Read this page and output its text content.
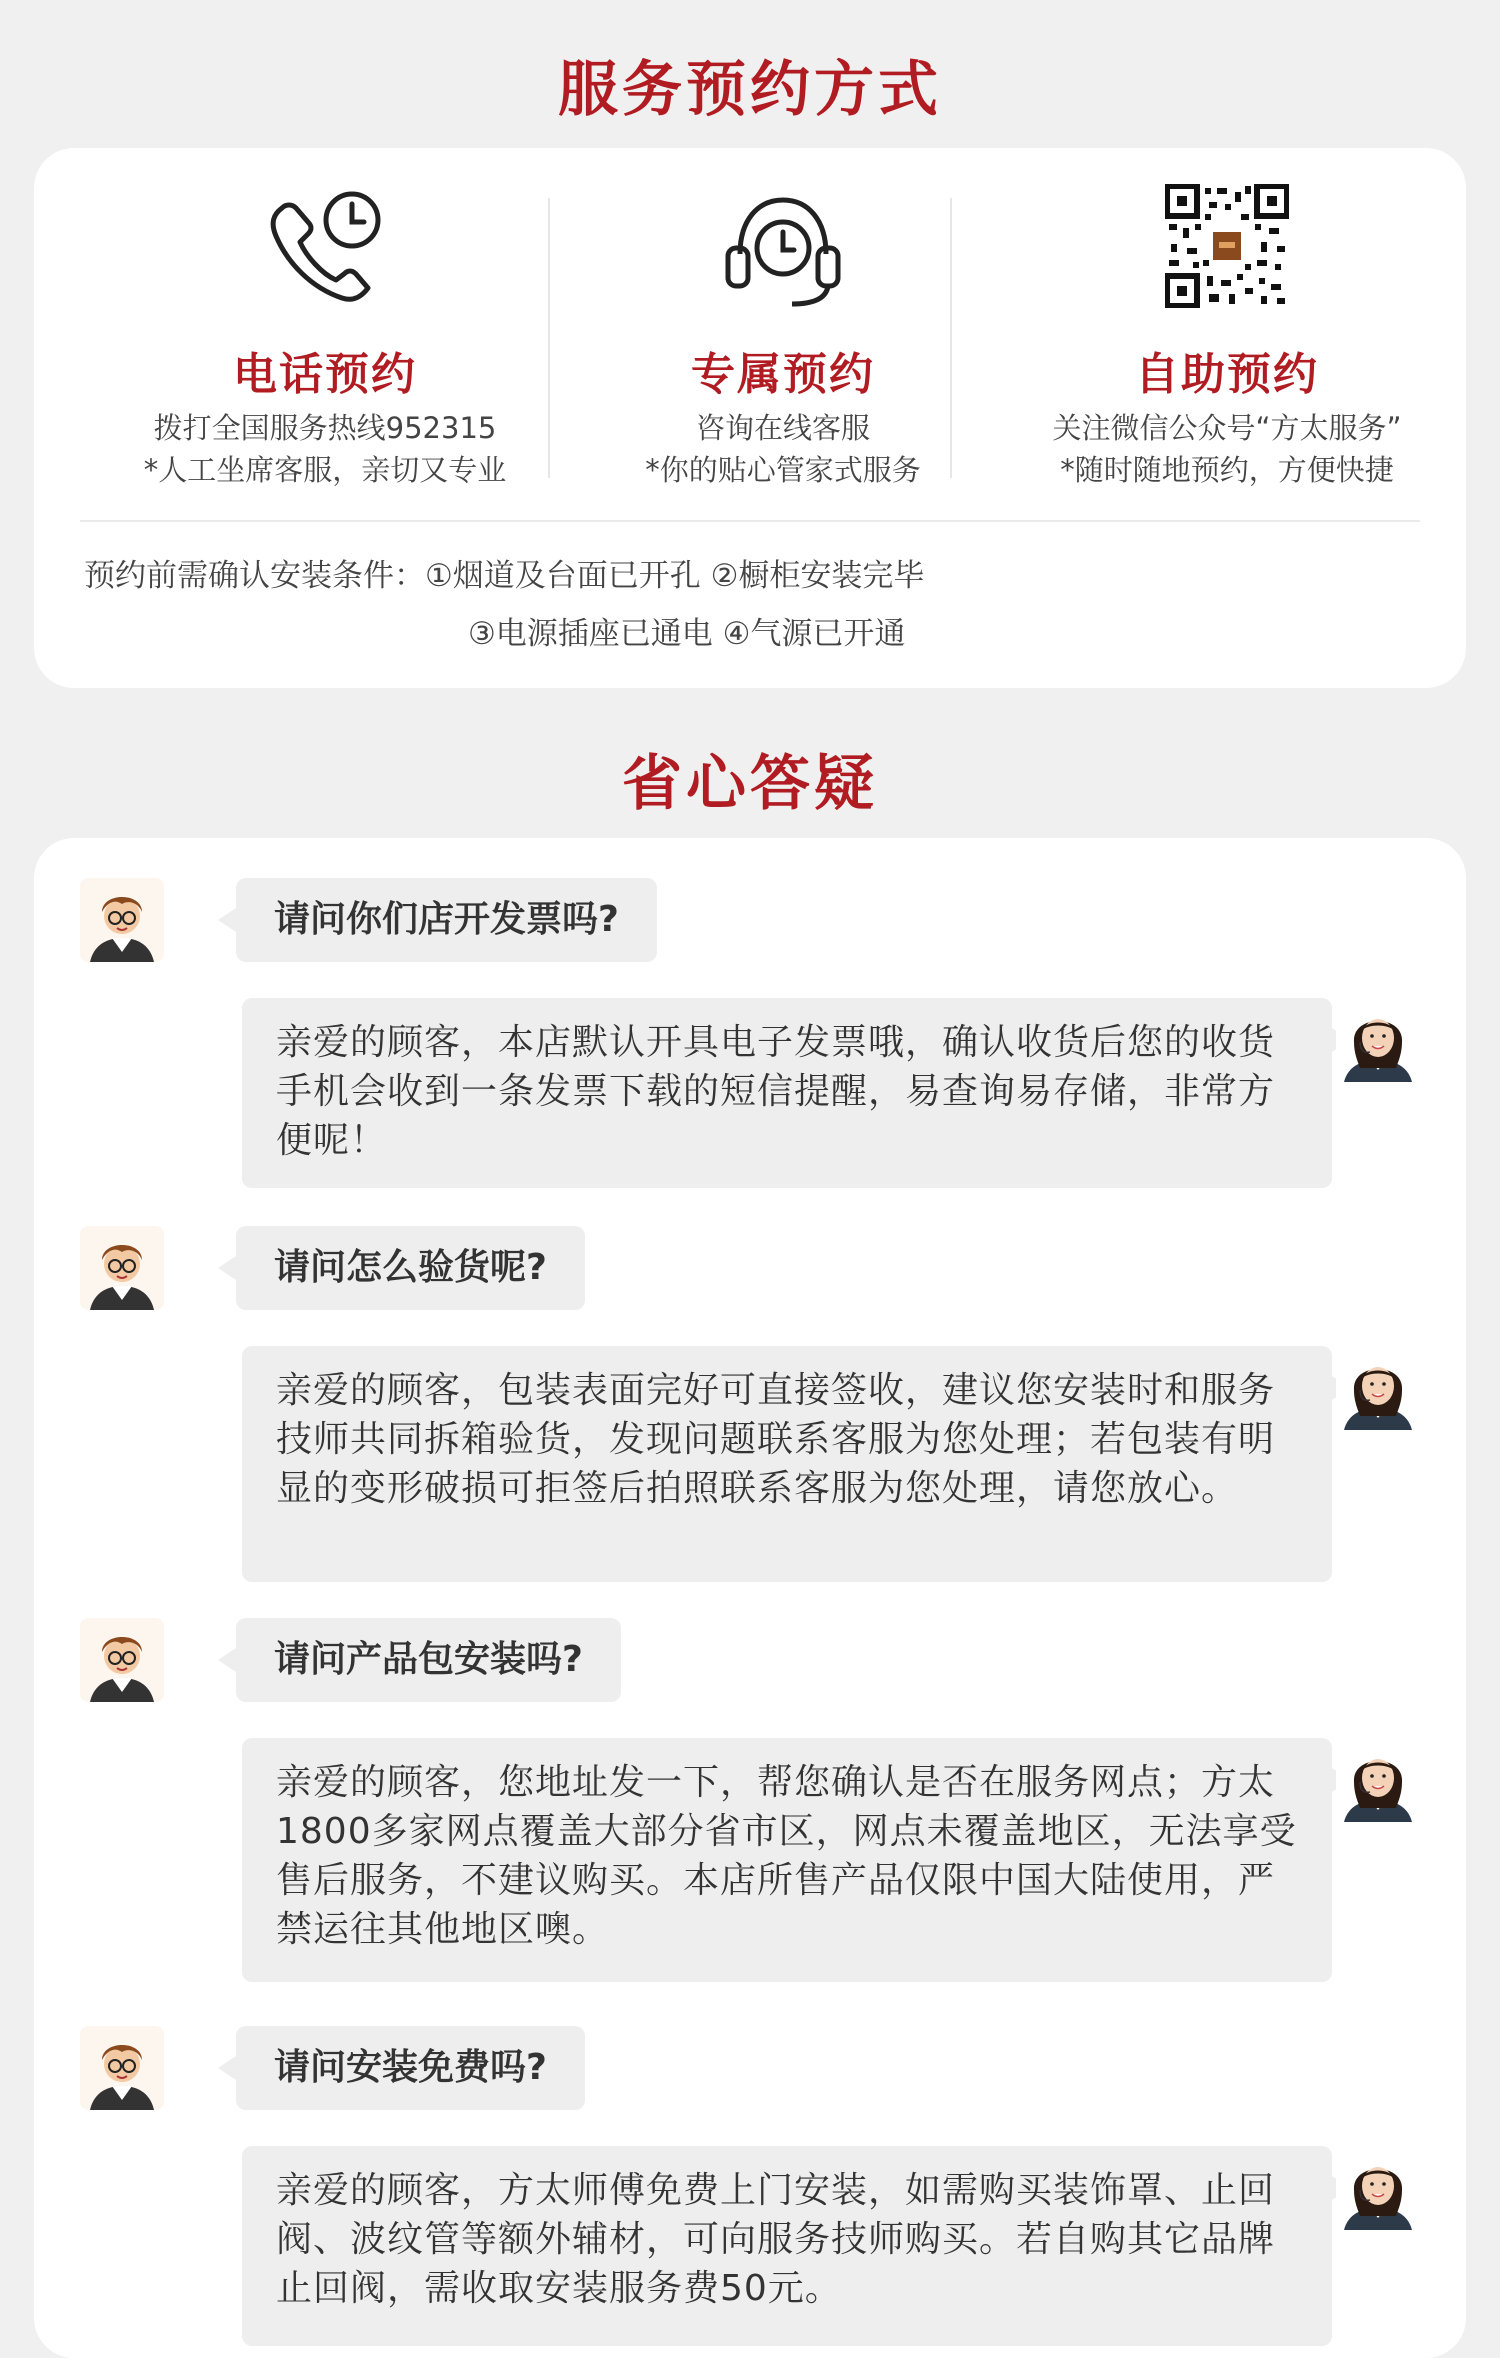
服务预约方式
电话预约
拨打全国服务热线952315
*人工坐席客服，亲切又专业
专属预约
咨询在线客服
*你的贴心管家式服务
自助预约
关注微信公众号“方太服务”
*随时随地预约，方便快捷
预约前需确认安装条件：①烟道及台面已开孔 ②橱柜安装完毕
③电源插座已通电 ④气源已开通
省心答疑
请问你们店开发票吗?
亲爱的顾客，本店默认开具电子发票哦，确认收货后您的收货手机会收到一条发票下载的短信提醒，易查询易存储，非常方便呢！
请问怎么验货呢?
亲爱的顾客，包装表面完好可直接签收，建议您安装时和服务技师共同拆箱验货，发现问题联系客服为您处理；若包装有明显的变形破损可拒签后拍照联系客服为您处理，请您放心。
请问产品包安装吗?
亲爱的顾客，您地址发一下，帮您确认是否在服务网点；方太1800多家网点覆盖大部分省市区，网点未覆盖地区，无法享受售后服务，不建议购买。本店所售产品仅限中国大陆使用，严禁运往其他地区噢。
请问安装免费吗?
亲爱的顾客，方太师傅免费上门安装，如需购买装饰罩、止回阀、波纹管等额外辅材，可向服务技师购买。若自购其它品牌止回阀，需收取安装服务费50元。
